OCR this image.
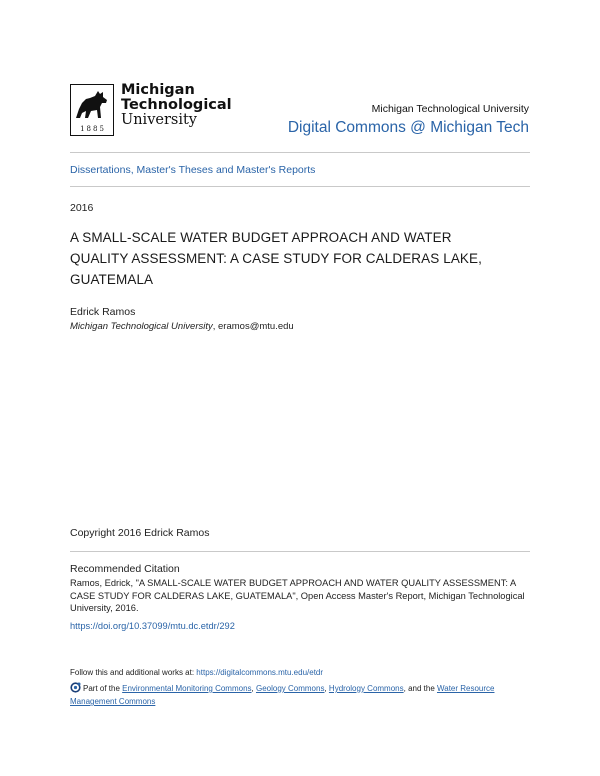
1885
Michigan
Technological
University
Michigan Technological University
Digital Commons @ Michigan Tech
Dissertations, Master's Theses and Master's Reports
2016
A SMALL-SCALE WATER BUDGET APPROACH AND WATER QUALITY ASSESSMENT: A CASE STUDY FOR CALDERAS LAKE, GUATEMALA
Edrick Ramos
Michigan Technological University, eramos@mtu.edu
Copyright 2016 Edrick Ramos
Recommended Citation
Ramos, Edrick, "A SMALL-SCALE WATER BUDGET APPROACH AND WATER QUALITY ASSESSMENT: A CASE STUDY FOR CALDERAS LAKE, GUATEMALA", Open Access Master's Report, Michigan Technological University, 2016.
https://doi.org/10.37099/mtu.dc.etdr/292
Follow this and additional works at: https://digitalcommons.mtu.edu/etdr
Part of the Environmental Monitoring Commons, Geology Commons, Hydrology Commons, and the Water Resource Management Commons
